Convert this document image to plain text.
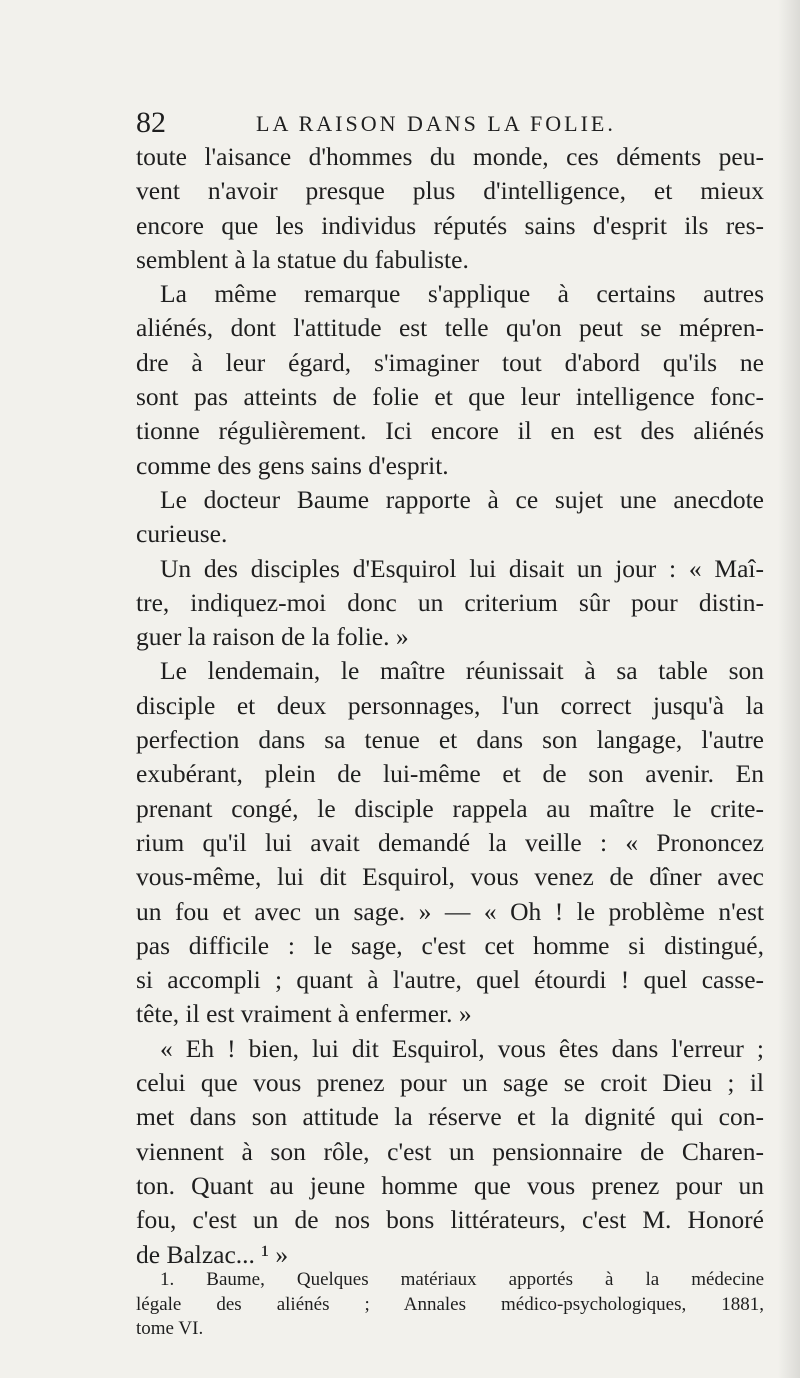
82	LA RAISON DANS LA FOLIE.
toute l'aisance d'hommes du monde, ces déments peu-
vent n'avoir presque plus d'intelligence, et mieux
encore que les individus réputés sains d'esprit ils res-
semblent à la statue du fabuliste.
La même remarque s'applique à certains autres
aliénés, dont l'attitude est telle qu'on peut se mépren-
dre à leur égard, s'imaginer tout d'abord qu'ils ne
sont pas atteints de folie et que leur intelligence fonc-
tionne régulièrement. Ici encore il en est des aliénés
comme des gens sains d'esprit.
Le docteur Baume rapporte à ce sujet une anecdote
curieuse.
Un des disciples d'Esquirol lui disait un jour : « Maî-
tre, indiquez-moi donc un criterium sûr pour distin-
guer la raison de la folie. »
Le lendemain, le maître réunissait à sa table son
disciple et deux personnages, l'un correct jusqu'à la
perfection dans sa tenue et dans son langage, l'autre
exubérant, plein de lui-même et de son avenir. En
prenant congé, le disciple rappela au maître le crite-
rium qu'il lui avait demandé la veille : « Prononcez
vous-même, lui dit Esquirol, vous venez de dîner avec
un fou et avec un sage. » — « Oh ! le problème n'est
pas difficile : le sage, c'est cet homme si distingué,
si accompli ; quant à l'autre, quel étourdi ! quel casse-
tête, il est vraiment à enfermer. »
« Eh ! bien, lui dit Esquirol, vous êtes dans l'erreur ;
celui que vous prenez pour un sage se croit Dieu ; il
met dans son attitude la réserve et la dignité qui con-
viennent à son rôle, c'est un pensionnaire de Charen-
ton. Quant au jeune homme que vous prenez pour un
fou, c'est un de nos bons littérateurs, c'est M. Honoré
de Balzac... ¹ »
1. Baume, Quelques matériaux apportés à la médecine
légale des aliénés ; Annales médico-psychologiques, 1881,
tome VI.
